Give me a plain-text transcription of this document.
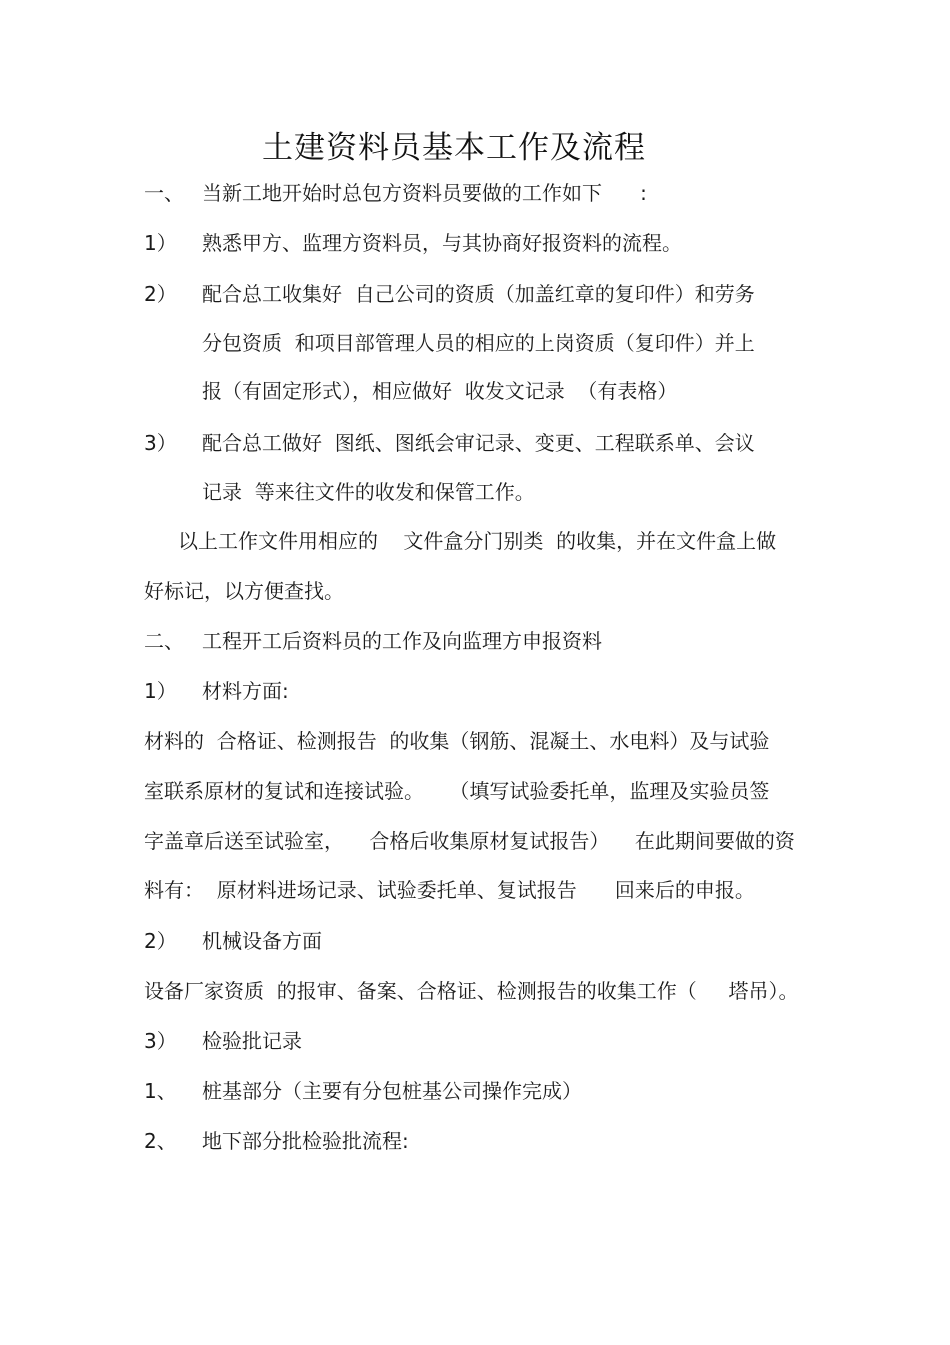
土建资料员基本工作及流程
一、 当新工地开始时总包方资料员要做的工作如下      :
1） 熟悉甲方、监理方资料员，与其协商好报资料的流程。
2） 配合总工收集好  自己公司的资质（加盖红章的复印件）和劳务
分包资质  和项目部管理人员的相应的上岗资质（复印件）并上
报（有固定形式），相应做好  收发文记录  （有表格）
3） 配合总工做好  图纸、图纸会审记录、变更、工程联系单、会议
记录  等来往文件的收发和保管工作。
以上工作文件用相应的    文件盒分门别类  的收集，并在文件盒上做
好标记，以方便查找。
二、 工程开工后资料员的工作及向监理方申报资料
1） 材料方面:
材料的  合格证、检测报告  的收集（钢筋、混凝土、水电料）及与试验
室联系原材的复试和连接试验。    （填写试验委托单，监理及实验员签
字盖章后送至试验室，    合格后收集原材复试报告）    在此期间要做的资
料有：  原材料进场记录、试验委托单、复试报告      回来后的申报。
2） 机械设备方面
设备厂家资质  的报审、备案、合格证、检测报告的收集工作（     塔吊）。
3） 检验批记录
1、 桩基部分（主要有分包桩基公司操作完成）
2、 地下部分批检验批流程:
